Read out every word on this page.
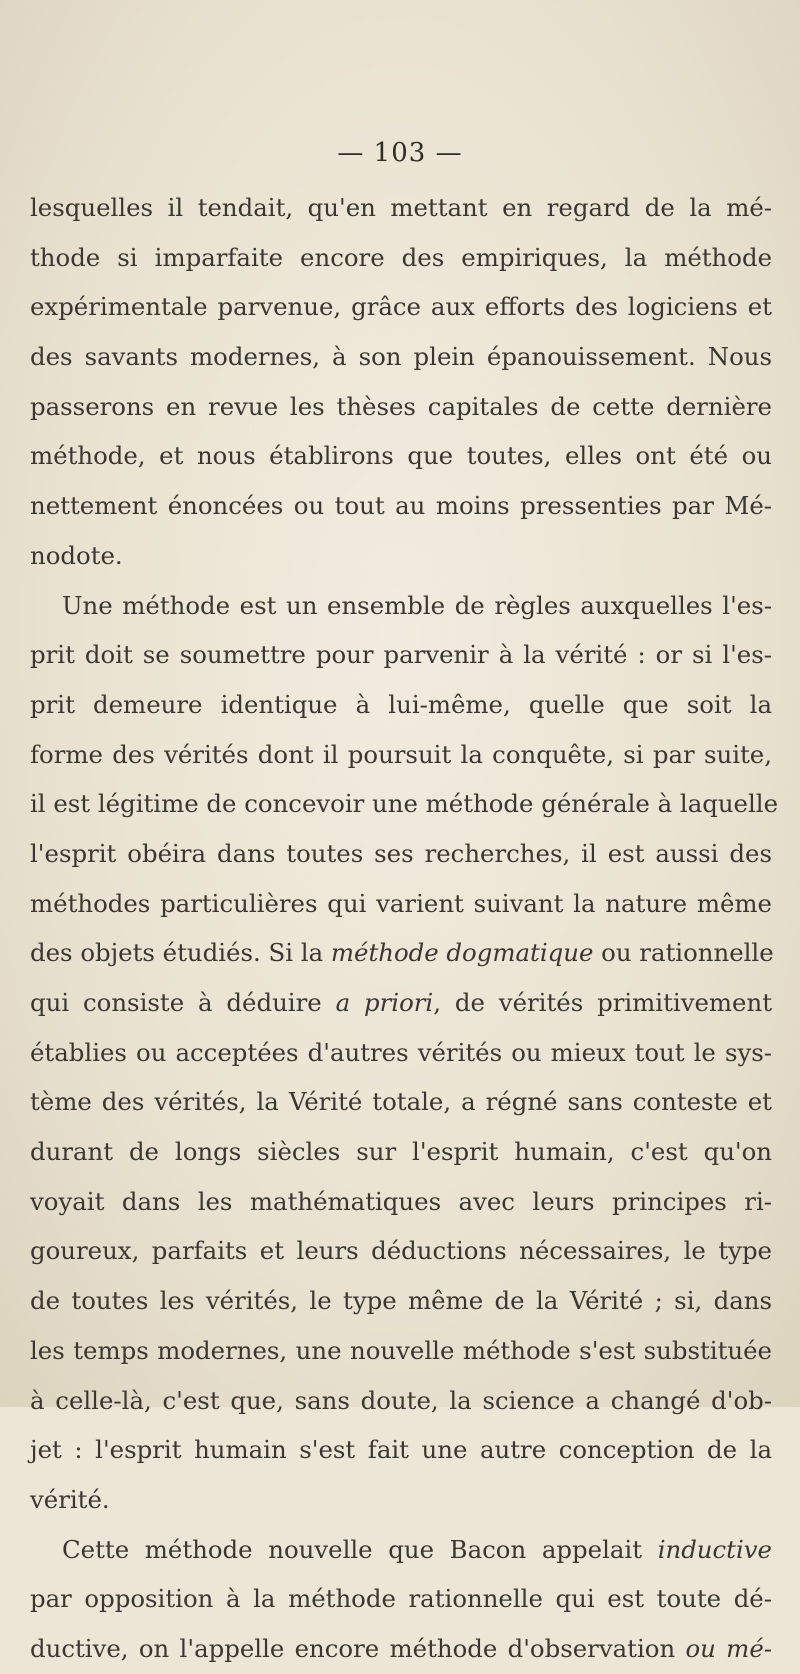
— 103 —
lesquelles il tendait, qu'en mettant en regard de la mé-
thode si imparfaite encore des empiriques, la méthode
expérimentale parvenue, grâce aux efforts des logiciens et
des savants modernes, à son plein épanouissement. Nous
passerons en revue les thèses capitales de cette dernière
méthode, et nous établirons que toutes, elles ont été ou
nettement énoncées ou tout au moins pressenties par Mé-
nodote.
Une méthode est un ensemble de règles auxquelles l'es-
prit doit se soumettre pour parvenir à la vérité : or si l'es-
prit demeure identique à lui-même, quelle que soit la
forme des vérités dont il poursuit la conquête, si par suite,
il est légitime de concevoir une méthode générale à laquelle
l'esprit obéira dans toutes ses recherches, il est aussi des
méthodes particulières qui varient suivant la nature même
des objets étudiés. Si la méthode dogmatique ou rationnelle
qui consiste à déduire a priori, de vérités primitivement
établies ou acceptées d'autres vérités ou mieux tout le sys-
tème des vérités, la Vérité totale, a régné sans conteste et
durant de longs siècles sur l'esprit humain, c'est qu'on
voyait dans les mathématiques avec leurs principes ri-
goureux, parfaits et leurs déductions nécessaires, le type
de toutes les vérités, le type même de la Vérité ; si, dans
les temps modernes, une nouvelle méthode s'est substituée
à celle-là, c'est que, sans doute, la science a changé d'ob-
jet : l'esprit humain s'est fait une autre conception de la
vérité.
Cette méthode nouvelle que Bacon appelait inductive
par opposition à la méthode rationnelle qui est toute dé-
ductive, on l'appelle encore méthode d'observation ou mé-
